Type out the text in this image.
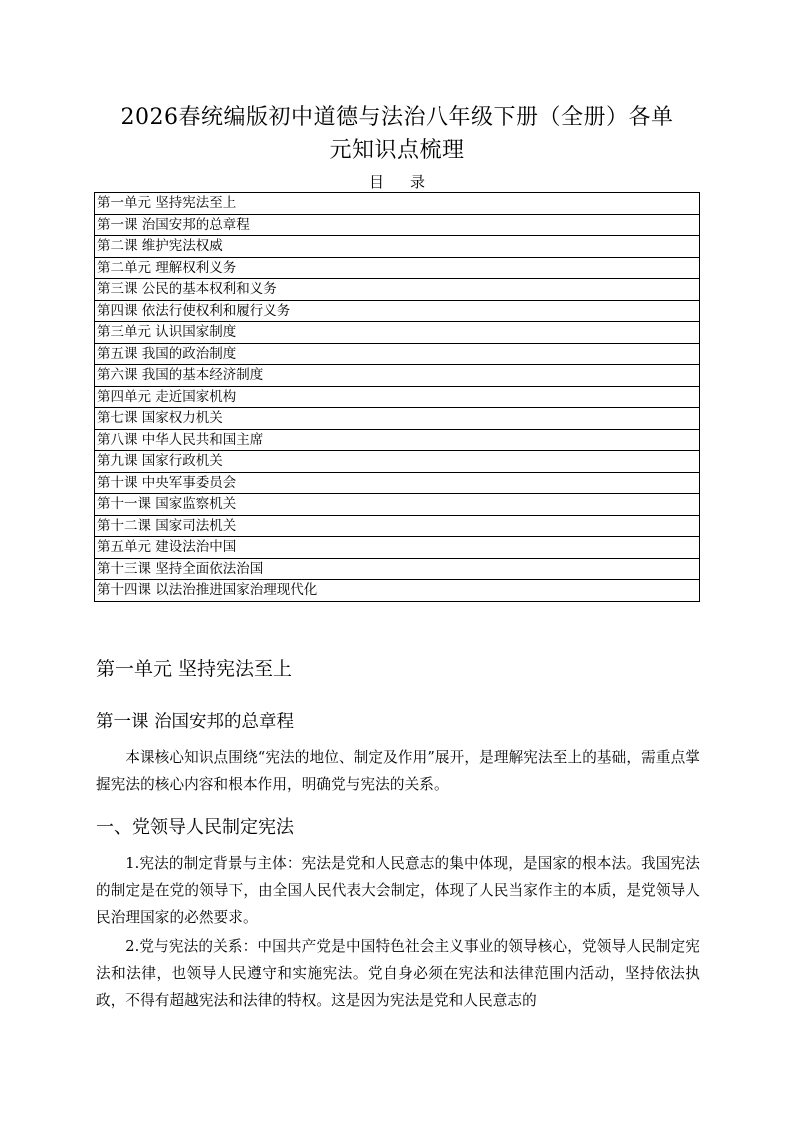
2026春统编版初中道德与法治八年级下册（全册）各单
元知识点梳理
目录
第一单元 坚持宪法至上
第一课 治国安邦的总章程
第二课 维护宪法权威
第二单元 理解权利义务
第三课 公民的基本权利和义务
第四课 依法行使权利和履行义务
第三单元 认识国家制度
第五课 我国的政治制度
第六课 我国的基本经济制度
第四单元 走近国家机构
第七课 国家权力机关
第八课 中华人民共和国主席
第九课 国家行政机关
第十课 中央军事委员会
第十一课 国家监察机关
第十二课 国家司法机关
第五单元 建设法治中国
第十三课 坚持全面依法治国
第十四课 以法治推进国家治理现代化
第一单元 坚持宪法至上
第一课 治国安邦的总章程

本课核心知识点围绕“宪法的地位、制定及作用”展开，是理解宪法至上的基础，需重点掌握宪法的核心内容和根本作用，明确党与宪法的关系。

一、党领导人民制定宪法

1.宪法的制定背景与主体：宪法是党和人民意志的集中体现，是国家的根本法。我国宪法的制定是在党的领导下，由全国人民代表大会制定，体现了人民当家作主的本质，是党领导人民治理国家的必然要求。

2.党与宪法的关系：中国共产党是中国特色社会主义事业的领导核心，党领导人民制定宪法和法律，也领导人民遵守和实施宪法。党自身必须在宪法和法律范围内活动，坚持依法执政，不得有超越宪法和法律的特权。这是因为宪法是党和人民意志的
